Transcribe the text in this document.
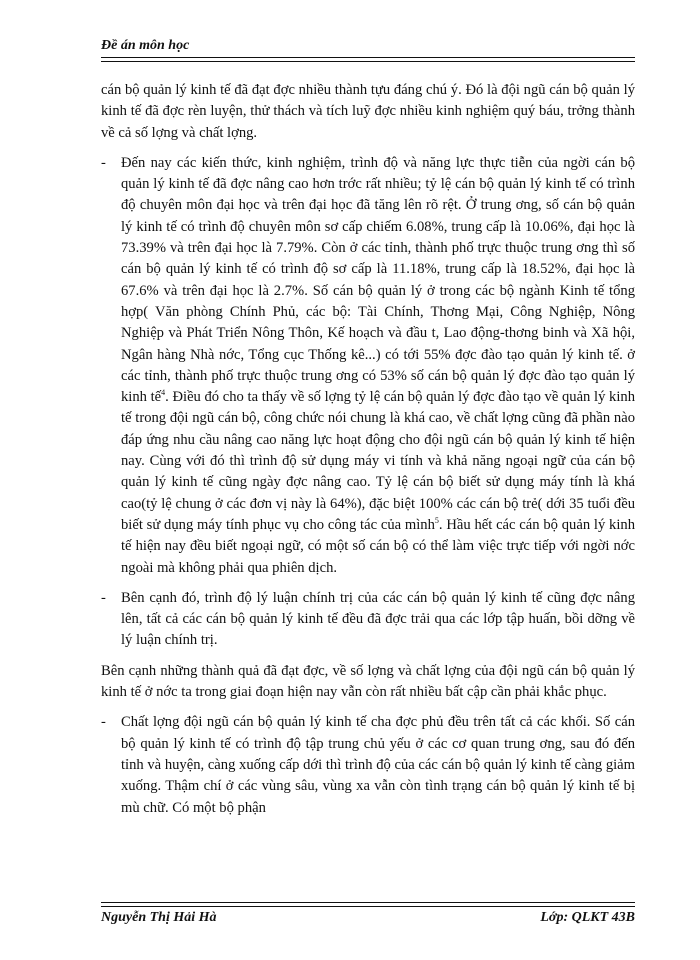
Đề án môn học

cán bộ quản lý kinh tế đã đạt đợc nhiều thành tựu đáng chú ý. Đó là đội ngũ cán bộ quản lý kinh tế đã đợc rèn luyện, thử thách và tích luỹ đợc nhiều kinh nghiệm quý báu, trởng thành về cả số lợng và chất lợng.

-	Đến nay các kiến thức, kinh nghiệm, trình độ và năng lực thực tiễn của ngời cán bộ quản lý kinh tế đã đợc nâng cao hơn trớc rất nhiều; tỷ lệ cán bộ quản lý kinh tế có trình độ chuyên môn đại học và trên đại học đã tăng lên rõ rệt. Ở trung ơng, số cán bộ quản lý kinh tế có trình độ chuyên môn sơ cấp chiếm 6.08%, trung cấp là 10.06%, đại học là 73.39% và trên đại học là 7.79%. Còn ở các tỉnh, thành phố trực thuộc trung ơng thì số cán bộ quản lý kinh tế có trình độ sơ cấp là 11.18%, trung cấp là 18.52%, đại học là 67.6% và trên đại học là 2.7%. Số cán bộ quản lý ở trong các bộ ngành Kinh tế tổng hợp( Văn phòng Chính Phủ, các bộ: Tài Chính, Thơng Mại, Công Nghiệp, Nông Nghiệp và Phát Triển Nông Thôn, Kế hoạch và đầu t, Lao động-thơng binh và Xã hội, Ngân hàng Nhà nớc, Tổng cục Thống kê...) có tới 55% đợc đào tạo quản lý kinh tế. ở các tỉnh, thành phố trực thuộc trung ơng có 53% số cán bộ quản lý đợc đào tạo quản lý kinh tế$^4$. Điều đó cho ta thấy về số lợng tỷ lệ cán bộ quản lý đợc đào tạo về quản lý kinh tế trong đội ngũ cán bộ, công chức nói chung là khá cao, về chất lợng cũng đã phần nào đáp ứng nhu cầu nâng cao năng lực hoạt động cho đội ngũ cán bộ quản lý kinh tế hiện nay. Cùng với đó thì trình độ sử dụng máy vi tính và khả năng ngoại ngữ của cán bộ quản lý kinh tế cũng ngày đợc nâng cao. Tỷ lệ cán bộ biết sử dụng máy tính là khá cao(tỷ lệ chung ở các đơn vị này là 64%), đặc biệt 100% các cán bộ trẻ( dới 35 tuổi đều biết sử dụng máy tính phục vụ cho công tác của mình$^5$. Hầu hết các cán bộ quản lý kinh tế hiện nay đều biết ngoại ngữ, có một số cán bộ có thể làm việc trực tiếp với ngời nớc ngoài mà không phải qua phiên dịch.
-	Bên cạnh đó, trình độ lý luận chính trị của các cán bộ quản lý kinh tế cũng đợc nâng lên, tất cả các cán bộ quản lý kinh tế đều đã đợc trải qua các lớp tập huấn, bồi dỡng về lý luận chính trị.

Bên cạnh những thành quả đã đạt đợc, về số lợng và chất lợng của đội ngũ cán bộ quản lý kinh tế ở nớc ta trong giai đoạn hiện nay vẫn còn rất nhiều bất cập cần phải khắc phục.

-	Chất lợng đội ngũ cán bộ quản lý kinh tế cha đợc phủ đều trên tất cả các khối. Số cán bộ quản lý kinh tế có trình độ tập trung chủ yếu ở các cơ quan trung ơng, sau đó đến tỉnh và huyện, càng xuống cấp dới thì trình độ của các cán bộ quản lý kinh tế càng giảm xuống. Thậm chí ở các vùng sâu, vùng xa vẫn còn tình trạng cán bộ quản lý kinh tế bị mù chữ. Có một bộ phận
Nguyễn Thị Hải Hà	Lớp: QLKT 43B
